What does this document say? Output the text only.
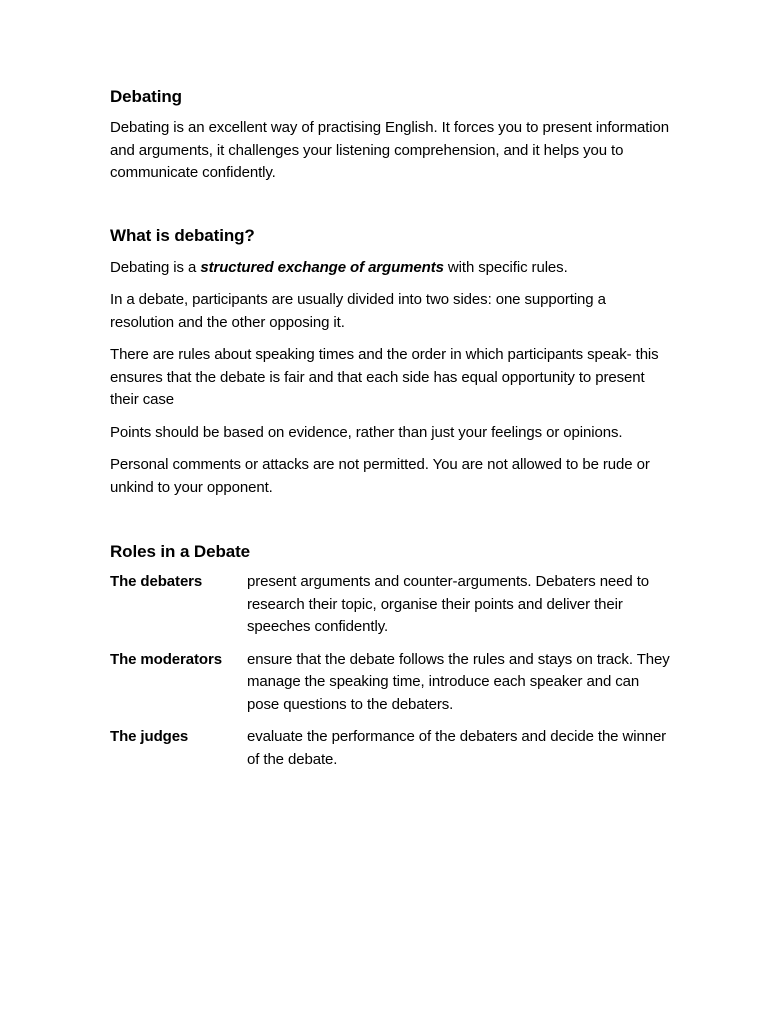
Debating

Debating is an excellent way of practising English. It forces you to present information and arguments, it challenges your listening comprehension, and it helps you to communicate confidently.

What is debating?

Debating is a structured exchange of arguments with specific rules.

In a debate, participants are usually divided into two sides: one supporting a resolution and the other opposing it.

There are rules about speaking times and the order in which participants speak- this ensures that the debate is fair and that each side has equal opportunity to present their case

Points should be based on evidence, rather than just your feelings or opinions.

Personal comments or attacks are not permitted. You are not allowed to be rude or unkind to your opponent.

Roles in a Debate
The debaters	present arguments and counter-arguments. Debaters need to research their topic, organise their points and deliver their speeches confidently.
The moderators	ensure that the debate follows the rules and stays on track. They manage the speaking time, introduce each speaker and can pose questions to the debaters.
The judges	evaluate the performance of the debaters and decide the winner of the debate.
